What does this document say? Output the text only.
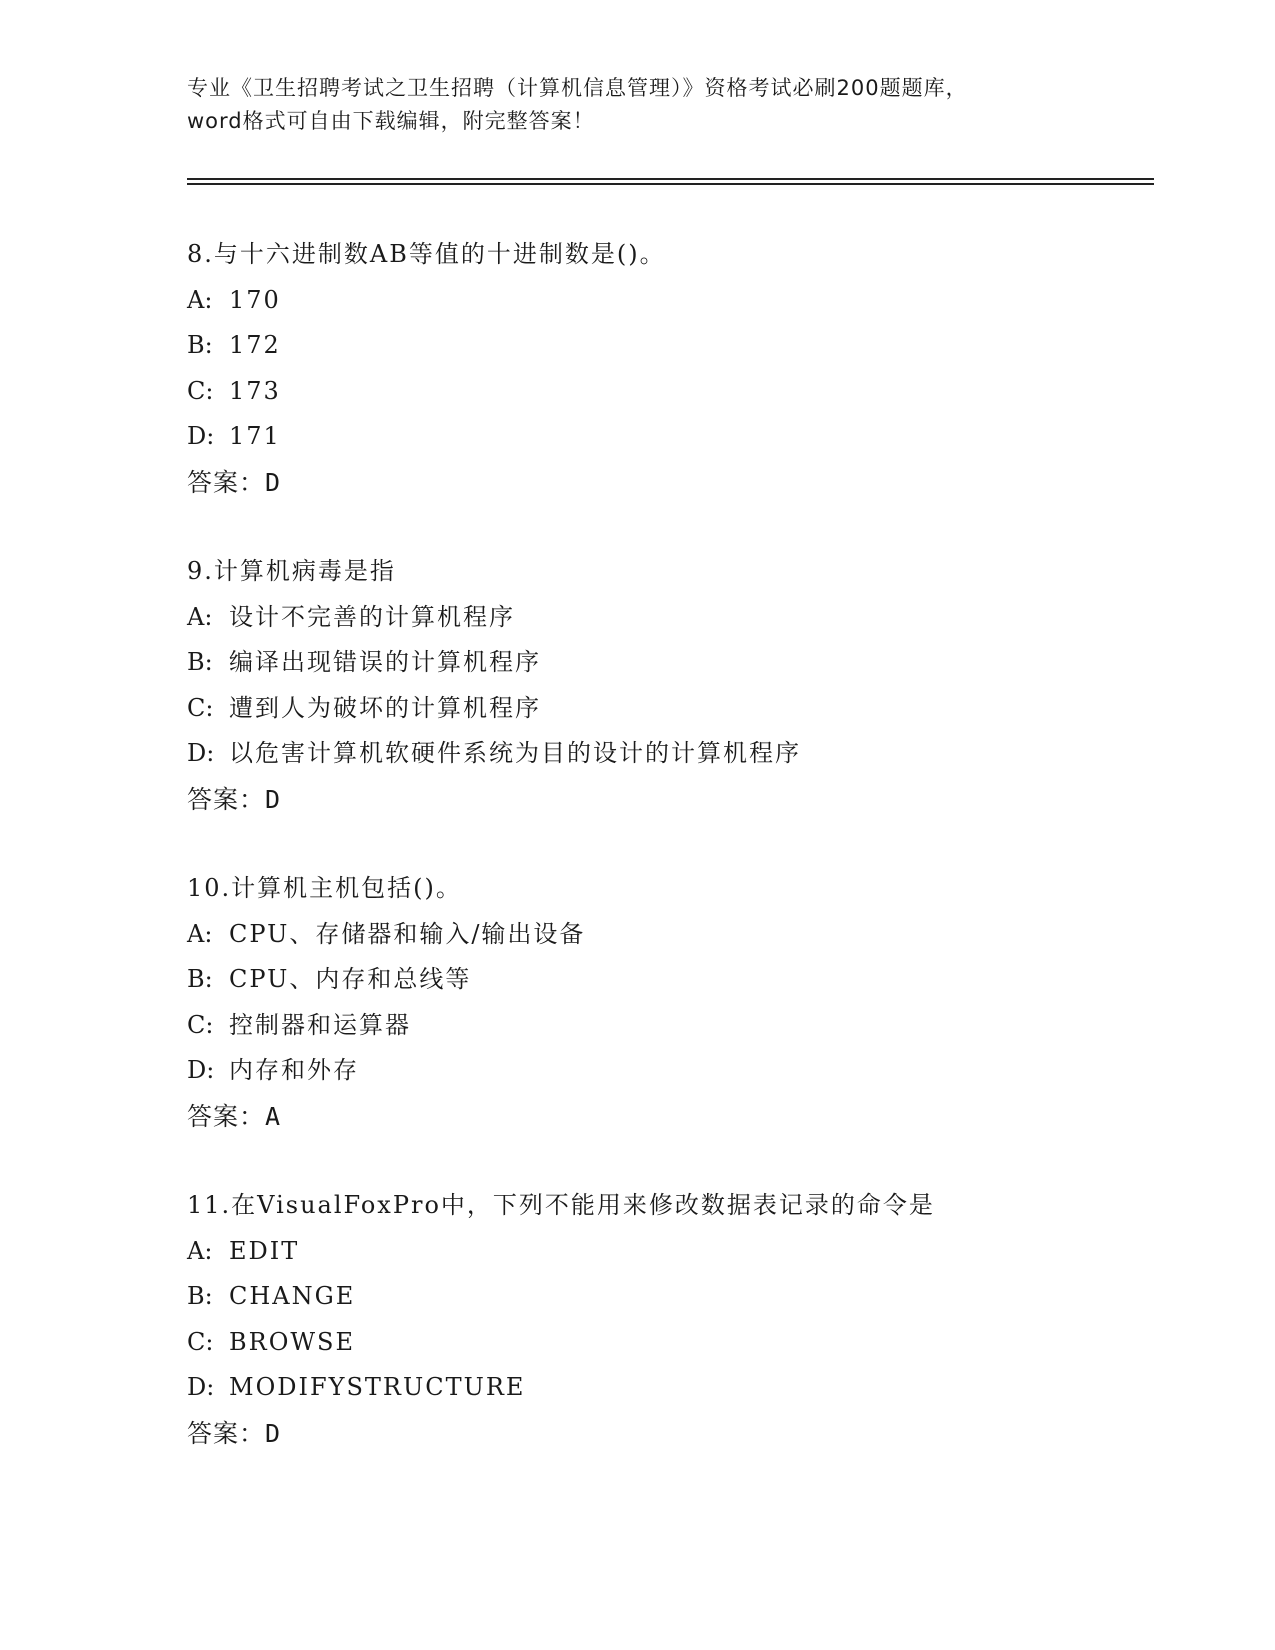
专业《卫生招聘考试之卫生招聘（计算机信息管理）》资格考试必刷200题题库，
word格式可自由下载编辑，附完整答案！
8.与十六进制数AB等值的十进制数是()。
A: 170
B: 172
C: 173
D: 171
答案：D
9.计算机病毒是指
A: 设计不完善的计算机程序
B: 编译出现错误的计算机程序
C: 遭到人为破坏的计算机程序
D: 以危害计算机软硬件系统为目的设计的计算机程序
答案：D
10.计算机主机包括()。
A: CPU、存储器和输入/输出设备
B: CPU、内存和总线等
C: 控制器和运算器
D: 内存和外存
答案：A
11.在VisualFoxPro中，下列不能用来修改数据表记录的命令是
A: EDIT
B: CHANGE
C: BROWSE
D: MODIFYSTRUCTURE
答案：D
